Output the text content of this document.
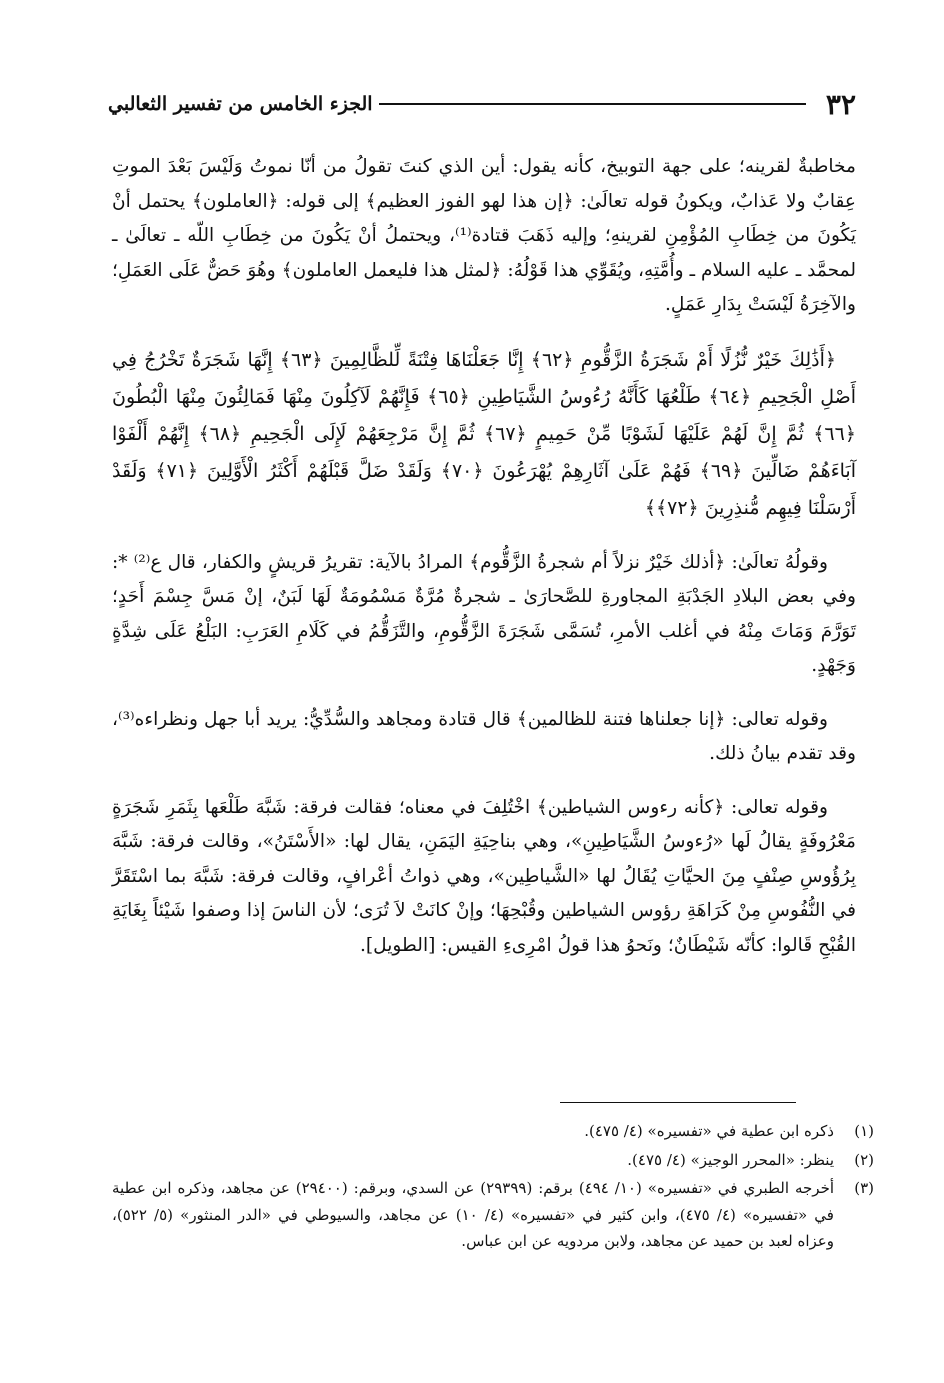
٣٢
الجزء الخامس من تفسير الثعالبي

مخاطبةٌ لقرينه؛ على جهة التوبيخ، كأنه يقول: أين الذي كنتَ تقولُ من أنّا نموتُ وَلَيْسَ بَعْدَ الموتِ عِقابٌ ولا عَذابٌ، ويكونُ قوله تعالَىٰ: ﴿إن هذا لهو الفوز العظيم﴾ إلى قوله: ﴿العاملون﴾ يحتمل أنْ يَكُونَ من خِطَابِ المُؤْمِنِ لقرينهِ؛ وإليه ذَهَبَ قتادة⁽¹⁾، ويحتملُ أنْ يَكُونَ من خِطَابِ اللّه ـ تعالَىٰ ـ لمحمَّد ـ عليه السلام ـ وأُمَّتِهِ، ويُقَوِّي هذا قَوْلُهُ: ﴿لمثل هذا فليعمل العاملون﴾ وهُوَ حَضٌّ عَلَى العَمَلِ؛ والآخِرَةُ لَيْسَتْ بِدَارِ عَمَلٍ.

﴿أَذَٰلِكَ خَيْرٌ نُّزُلًا أَمْ شَجَرَةُ الزَّقُّومِ ﴿٦٢﴾ إِنَّا جَعَلْنَاهَا فِتْنَةً لِّلظَّالِمِينَ ﴿٦٣﴾ إِنَّهَا شَجَرَةٌ تَخْرُجُ فِي أَصْلِ الْجَحِيمِ ﴿٦٤﴾ طَلْعُهَا كَأَنَّهُ رُءُوسُ الشَّيَاطِينِ ﴿٦٥﴾ فَإِنَّهُمْ لَآكِلُونَ مِنْهَا فَمَالِئُونَ مِنْهَا الْبُطُونَ ﴿٦٦﴾ ثُمَّ إِنَّ لَهُمْ عَلَيْهَا لَشَوْبًا مِّنْ حَمِيمٍ ﴿٦٧﴾ ثُمَّ إِنَّ مَرْجِعَهُمْ لَإِلَى الْجَحِيمِ ﴿٦٨﴾ إِنَّهُمْ أَلْفَوْا آبَاءَهُمْ ضَالِّينَ ﴿٦٩﴾ فَهُمْ عَلَىٰ آثَارِهِمْ يُهْرَعُونَ ﴿٧٠﴾ وَلَقَدْ ضَلَّ قَبْلَهُمْ أَكْثَرُ الْأَوَّلِينَ ﴿٧١﴾ وَلَقَدْ أَرْسَلْنَا فِيهِم مُّنذِرِينَ ﴿٧٢﴾﴾

وقولُهُ تعالَىٰ: ﴿أذلك خَيْرٌ نزلاً أم شجرةُ الزَّقُّوم﴾ المرادُ بالآية: تقريرُ قريشٍ والكفار، قال ع⁽²⁾ *: وفي بعض البلادِ الجَدْبَةِ المجاورةِ للصَّحارَىٰ ـ شجرةٌ مُرَّةٌ مَسْمُومَةٌ لَهَا لَبَنٌ، إنْ مَسَّ جِسْمَ أَحَدٍ؛ تَوَرَّمَ وَمَاتَ مِنْهُ في أغلب الأمرِ، تُسَمَّى شَجَرَةَ الزَّقُّومِ، والتَّزَقُّمُ في كَلَامِ العَرَبِ: البَلْعُ عَلَى شِدَّةٍ وَجَهْدٍ.

وقوله تعالى: ﴿إنا جعلناها فتنة للظالمين﴾ قال قتادة ومجاهد والسُّدِّيُّ: يريد أبا جهل ونظراءه⁽³⁾، وقد تقدم بيانُ ذلك.

وقوله تعالى: ﴿كأنه رءوس الشياطين﴾ اخْتُلِفَ في معناه؛ فقالت فرقة: شَبَّهَ طَلْعَها بِثَمَرِ شَجَرَةٍ مَعْرُوفَةٍ يقالُ لَها «رُءوسُ الشَّيَاطِينِ»، وهي بناحِيَةِ اليَمَنِ، يقال لها: «الأَسْتَنُ»، وقالت فرقة: شَبَّهَ بِرُؤُوسِ صِنْفٍ مِنَ الحيَّاتِ يُقَالُ لها «الشَّياطِين»، وهي ذواتُ أعْرافٍ، وقالت فرقة: شَبَّهَ بما اسْتَقَرَّ في النُّفُوسِ مِنْ كَرَاهَةِ رؤوس الشياطين وقُبْحِهَا؛ وإنْ كانَتْ لاَ تُرَى؛ لأن الناسَ إذا وصفوا شَيْئاً بِغَايَةِ القُبْحِ قَالوا: كأنّه شَيْطَانٌ؛ ونَحوُ هذا قولُ امْرِىءِ القيس: [الطويل].

(١)
ذكره ابن عطية في «تفسيره» (٤/ ٤٧٥).
(٢)
ينظر: «المحرر الوجيز» (٤/ ٤٧٥).
(٣)
أخرجه الطبري في «تفسيره» (١٠/ ٤٩٤) برقم: (٢٩٣٩٩) عن السدي، وبرقم: (٢٩٤٠٠) عن مجاهد، وذكره ابن عطية في «تفسيره» (٤/ ٤٧٥)، وابن كثير في «تفسيره» (٤/ ١٠) عن مجاهد، والسيوطي في «الدر المنثور» (٥/ ٥٢٢)، وعزاه لعبد بن حميد عن مجاهد، ولابن مردويه عن ابن عباس.
